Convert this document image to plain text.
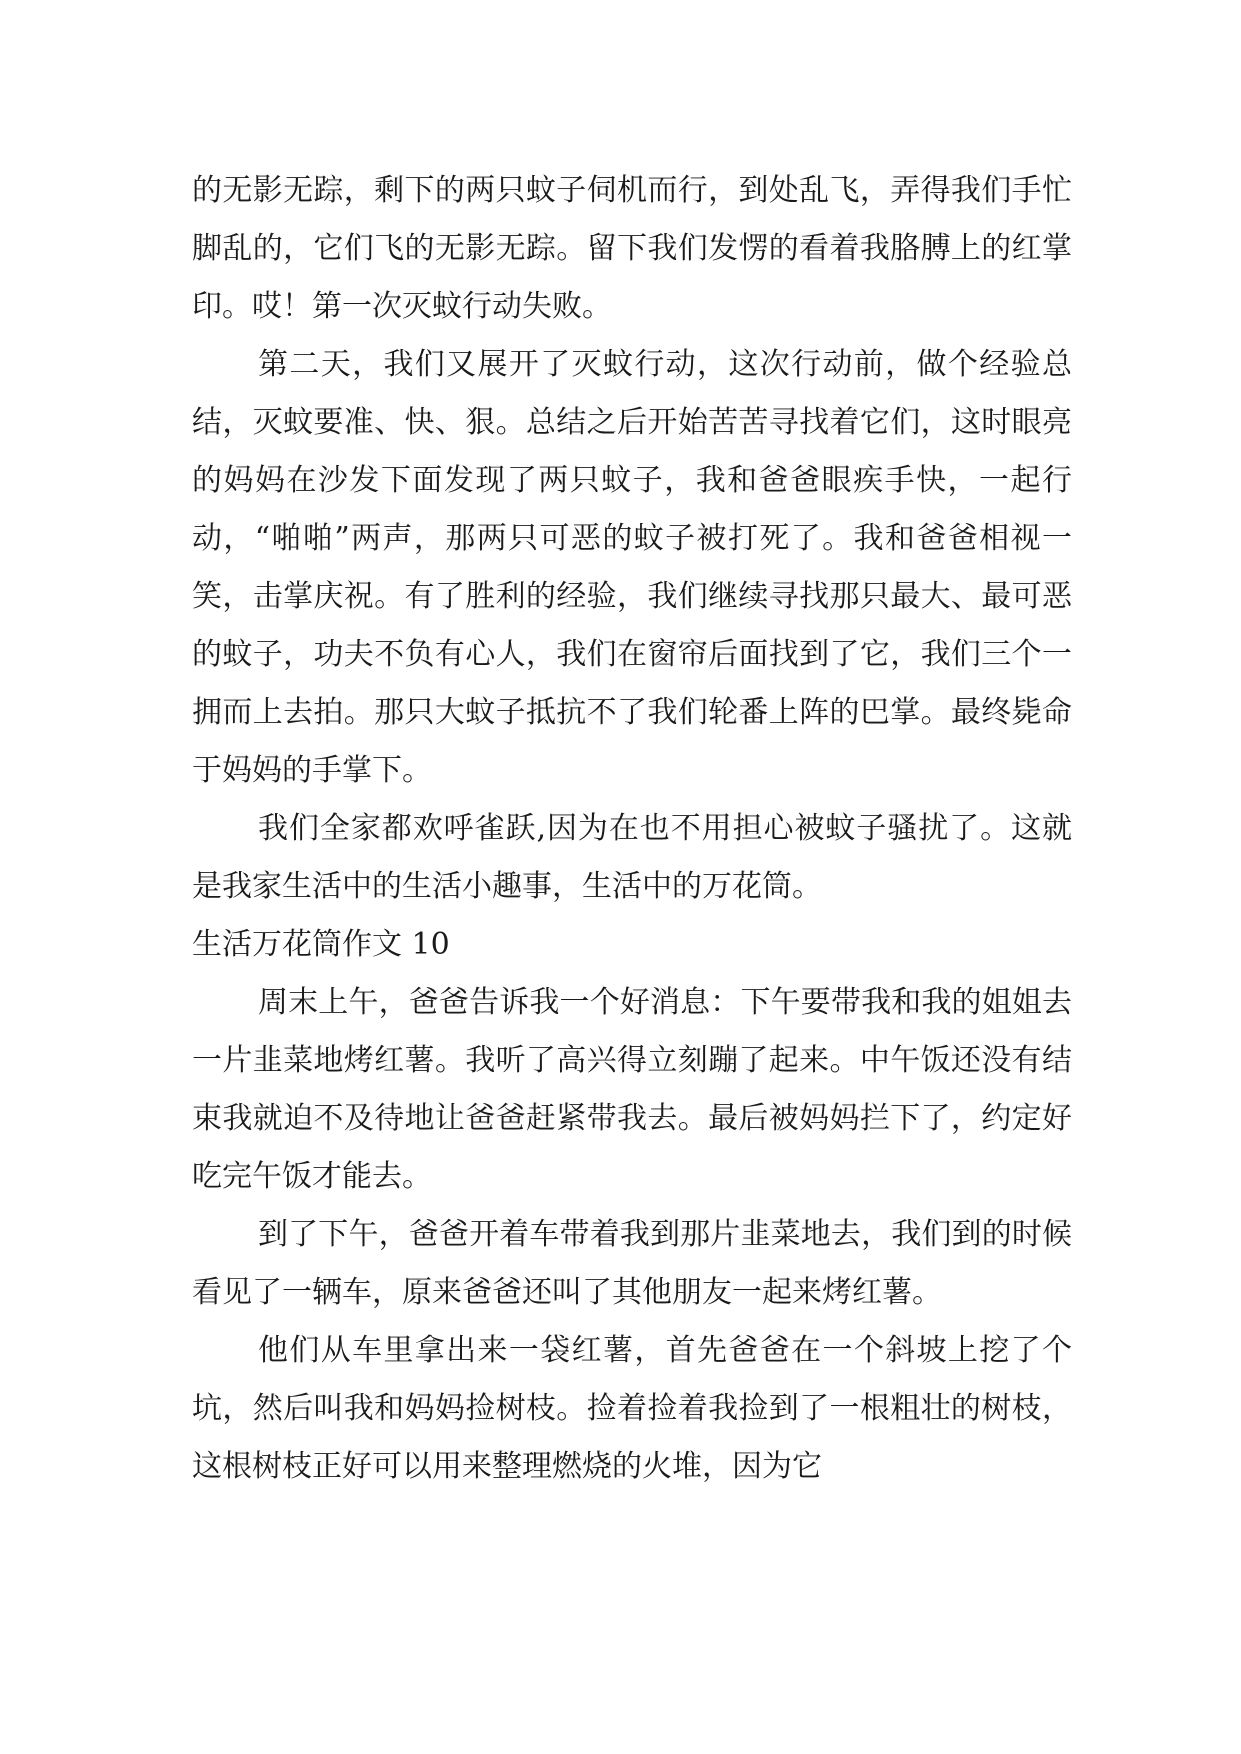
的无影无踪，剩下的两只蚊子伺机而行，到处乱飞，弄得我们手忙脚乱的，它们飞的无影无踪。留下我们发愣的看着我胳膊上的红掌印。哎！第一次灭蚊行动失败。

第二天，我们又展开了灭蚊行动，这次行动前，做个经验总结，灭蚊要准、快、狠。总结之后开始苦苦寻找着它们，这时眼亮的妈妈在沙发下面发现了两只蚊子，我和爸爸眼疾手快，一起行动，“啪啪”两声，那两只可恶的蚊子被打死了。我和爸爸相视一笑，击掌庆祝。有了胜利的经验，我们继续寻找那只最大、最可恶的蚊子，功夫不负有心人，我们在窗帘后面找到了它，我们三个一拥而上去拍。那只大蚊子抵抗不了我们轮番上阵的巴掌。最终毙命于妈妈的手掌下。

我们全家都欢呼雀跃,因为在也不用担心被蚊子骚扰了。这就是我家生活中的生活小趣事，生活中的万花筒。

生活万花筒作文 10

周末上午，爸爸告诉我一个好消息：下午要带我和我的姐姐去一片韭菜地烤红薯。我听了高兴得立刻蹦了起来。中午饭还没有结束我就迫不及待地让爸爸赶紧带我去。最后被妈妈拦下了，约定好吃完午饭才能去。

到了下午，爸爸开着车带着我到那片韭菜地去，我们到的时候看见了一辆车，原来爸爸还叫了其他朋友一起来烤红薯。

他们从车里拿出来一袋红薯，首先爸爸在一个斜坡上挖了个坑，然后叫我和妈妈捡树枝。捡着捡着我捡到了一根粗壮的树枝，这根树枝正好可以用来整理燃烧的火堆，因为它
